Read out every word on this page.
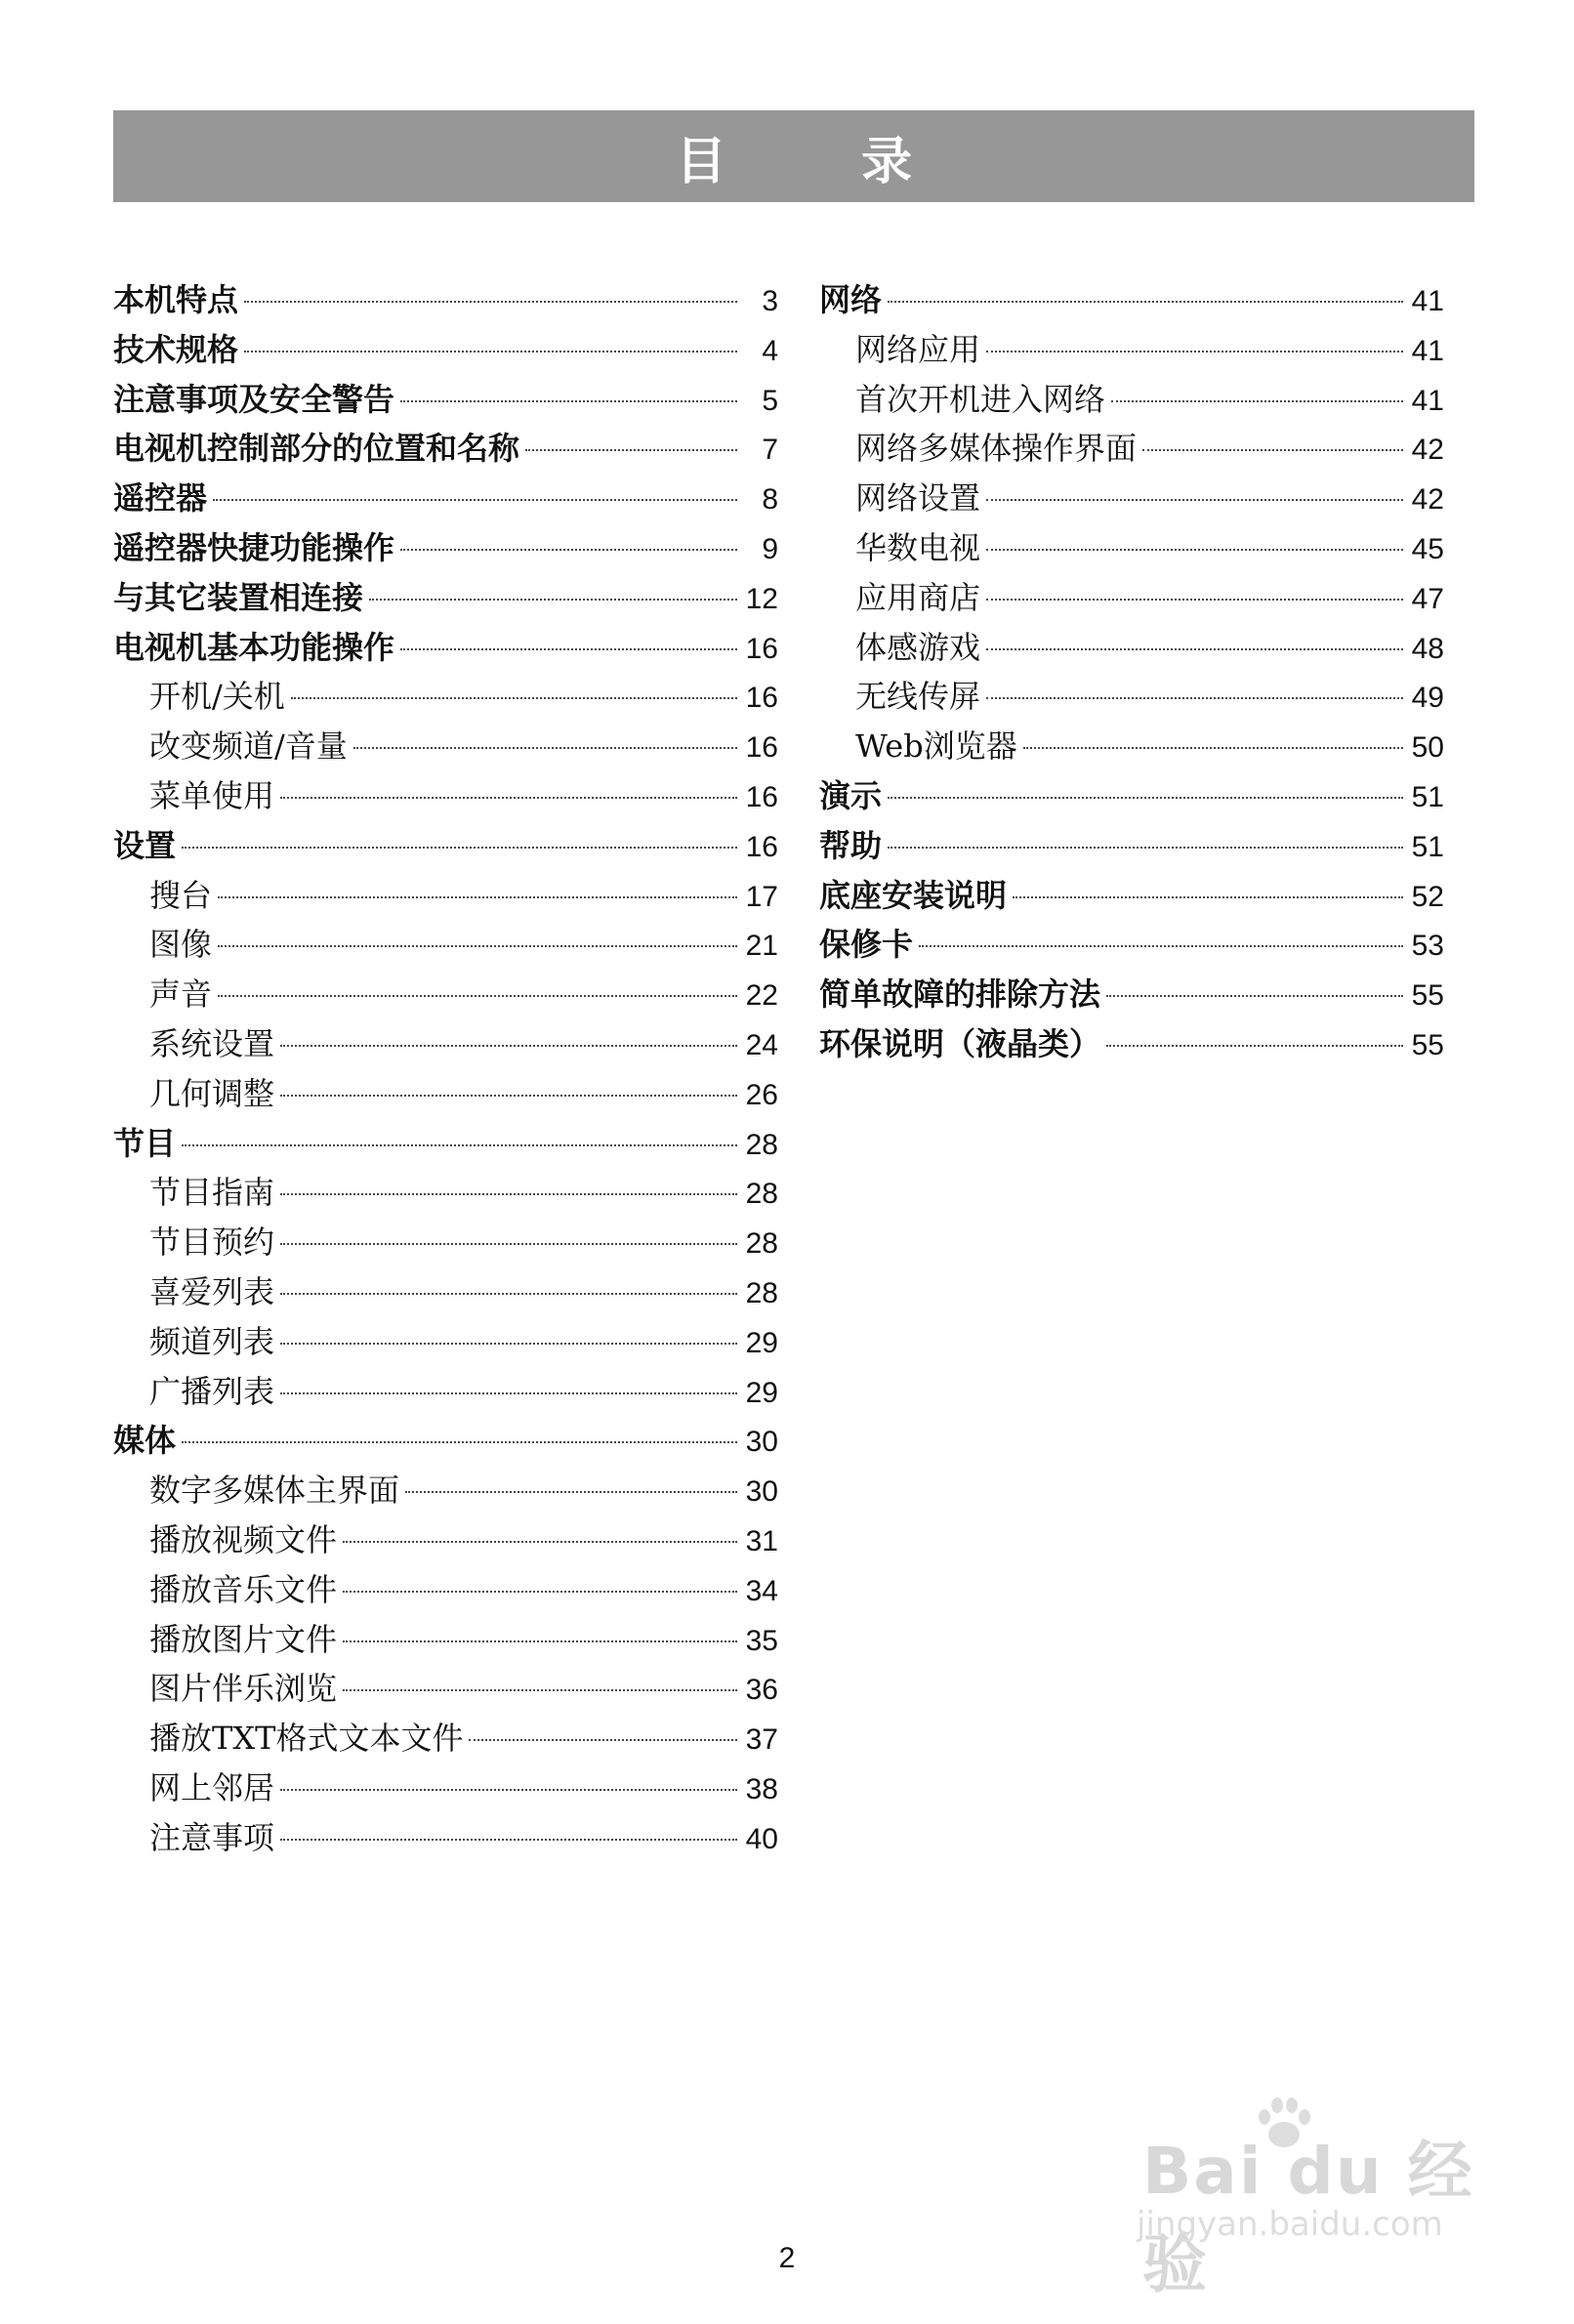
目 录
本机特点	3
技术规格	4
注意事项及安全警告	5
电视机控制部分的位置和名称	7
遥控器	8
遥控器快捷功能操作	9
与其它装置相连接	12
电视机基本功能操作	16
开机/关机	16
改变频道/音量	16
菜单使用	16
设置	16
搜台	17
图像	21
声音	22
系统设置	24
几何调整	26
节目	28
节目指南	28
节目预约	28
喜爱列表	28
频道列表	29
广播列表	29
媒体	30
数字多媒体主界面	30
播放视频文件	31
播放音乐文件	34
播放图片文件	35
图片伴乐浏览	36
播放TXT格式文本文件	37
网上邻居	38
注意事项	40
网络	41
网络应用	41
首次开机进入网络	41
网络多媒体操作界面	42
网络设置	42
华数电视	45
应用商店	47
体感游戏	48
无线传屏	49
Web浏览器	50
演示	51
帮助	51
底座安装说明	52
保修卡	53
简单故障的排除方法	55
环保说明（液晶类）	55
2
Bai du 经验
jingyan.baidu.com
